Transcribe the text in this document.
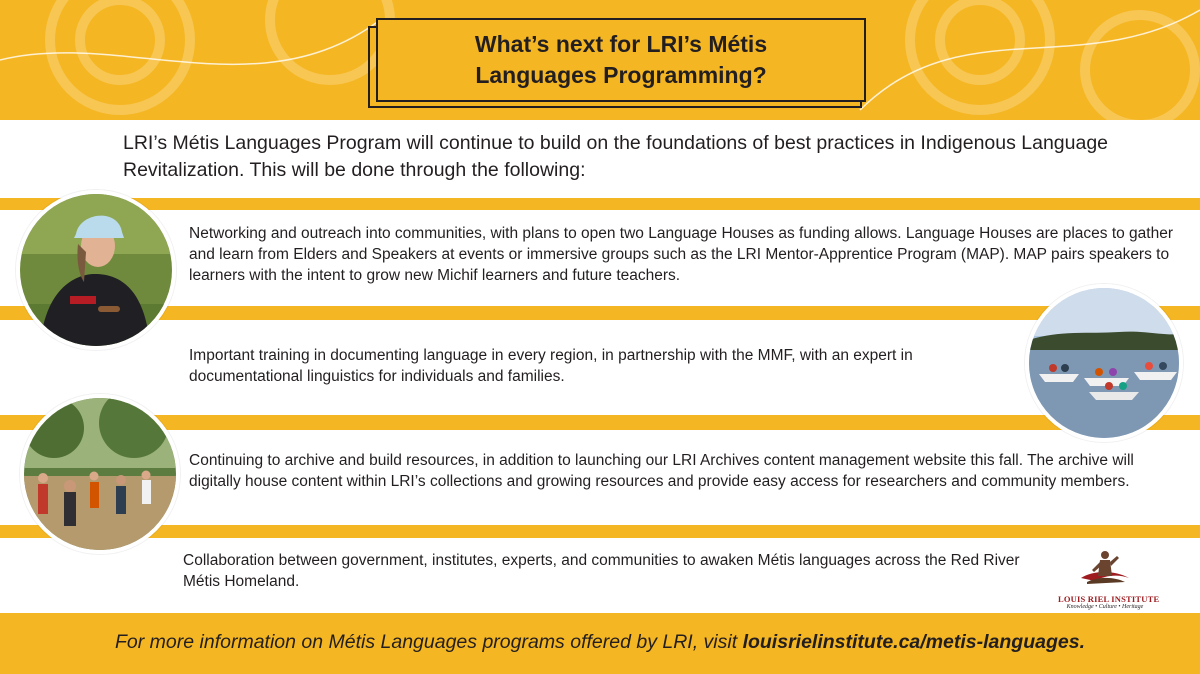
What’s next for LRI’s Métis Languages Programming?
LRI’s Métis Languages Program will continue to build on the foundations of best practices in Indigenous Language Revitalization. This will be done through the following:
Networking and outreach into communities, with plans to open two Language Houses as funding allows. Language Houses are places to gather and learn from Elders and Speakers at events or immersive groups such as the LRI Mentor-Apprentice Program (MAP). MAP pairs speakers to learners with the intent to grow new Michif learners and future teachers.
Important training in documenting language in every region, in partnership with the MMF, with an expert in documentational linguistics for individuals and families.
Continuing to archive and build resources, in addition to launching our LRI Archives content management website this fall. The archive will digitally house content within LRI’s collections and growing resources and provide easy access for researchers and community members.
Collaboration between government, institutes, experts, and communities to awaken Métis languages across the Red River Métis Homeland.
LOUIS RIEL INSTITUTE
Knowledge • Culture • Heritage
For more information on Métis Languages programs offered by LRI, visit louisrielinstitute.ca/metis-languages.
